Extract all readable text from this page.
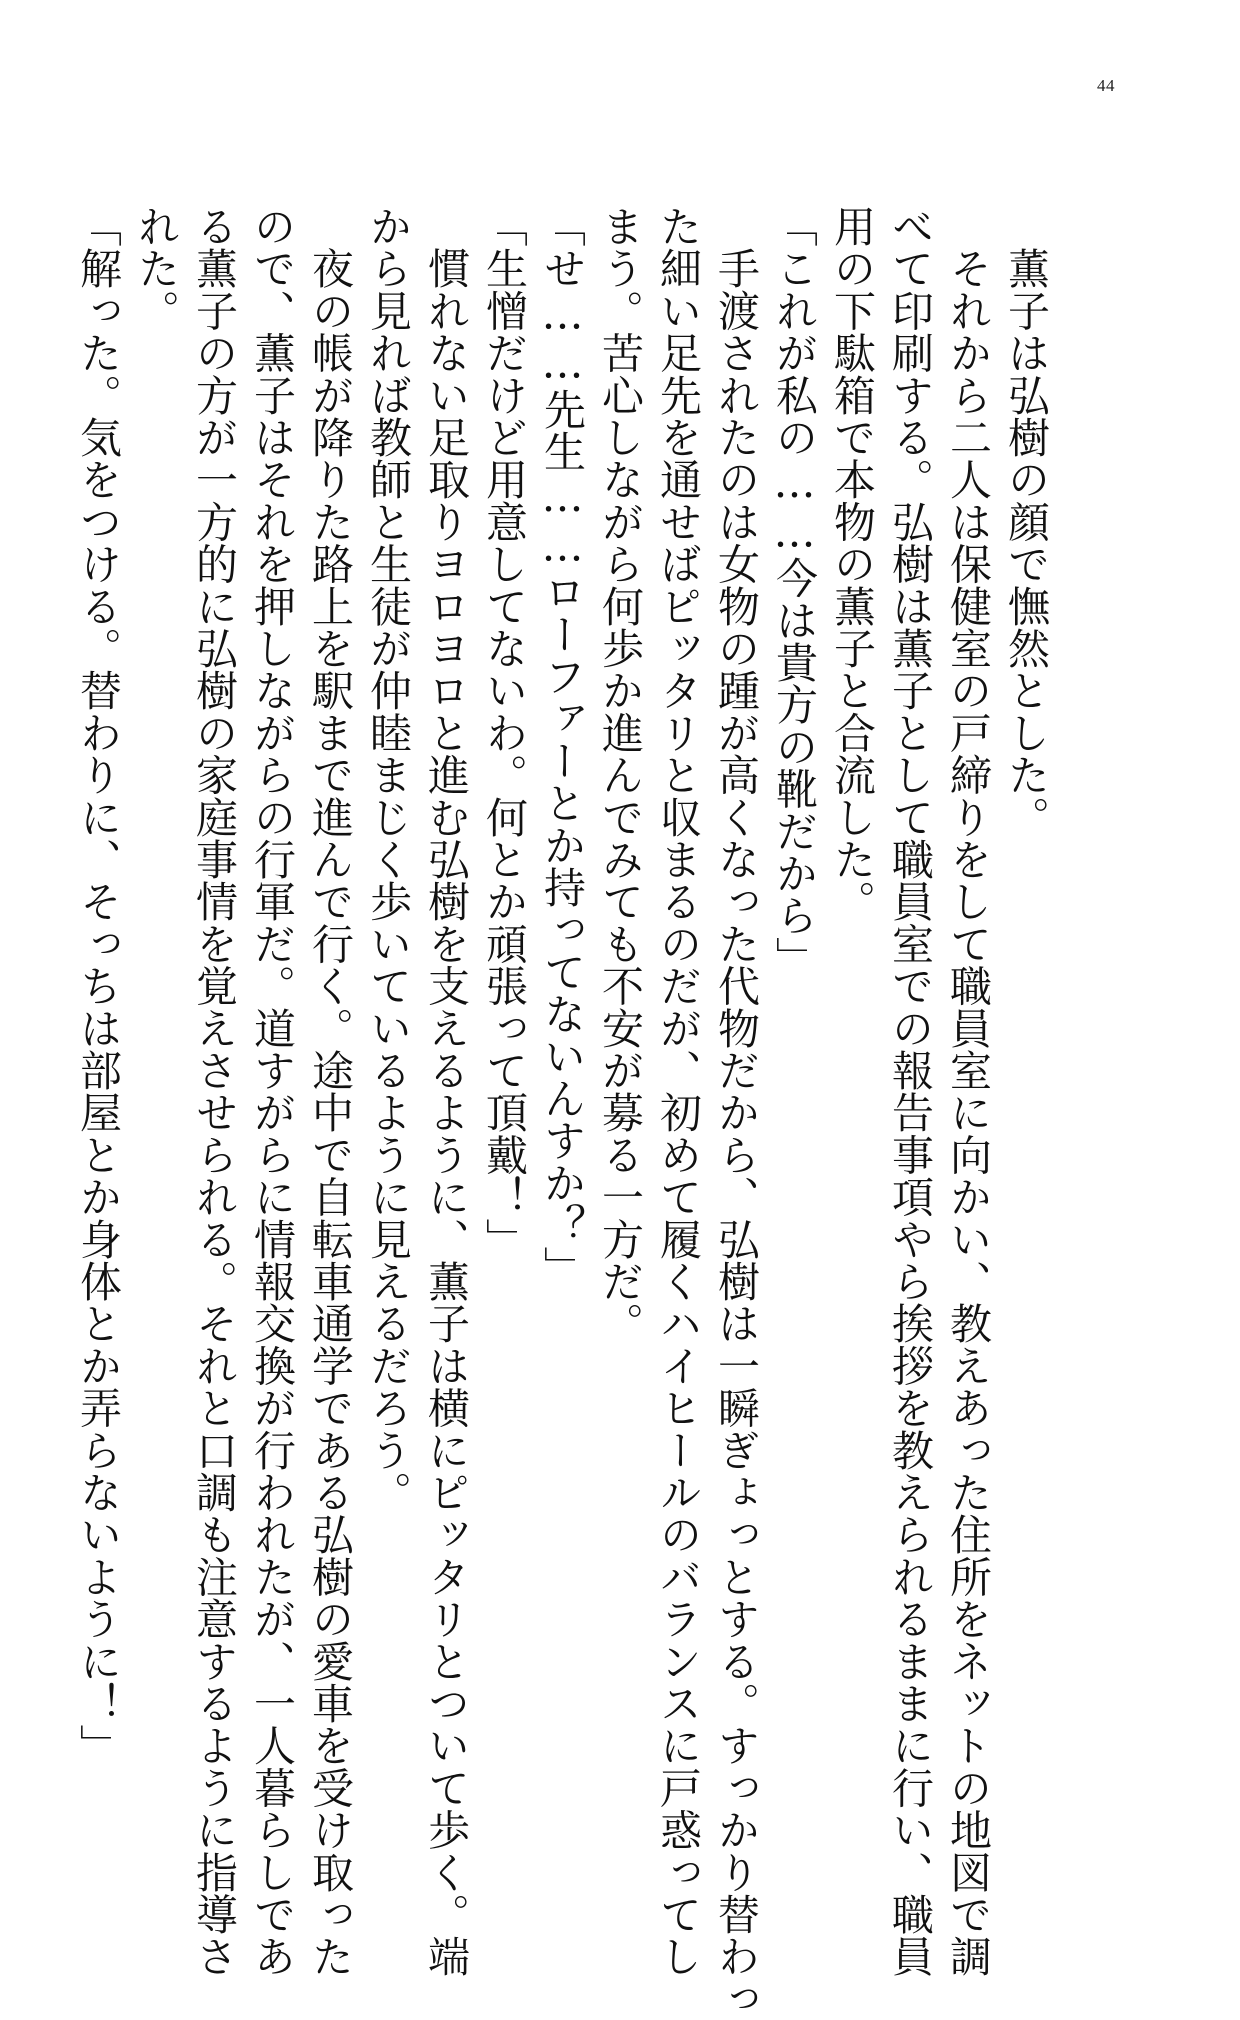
44
　薫子は弘樹の顔で憮然とした。
　それから二人は保健室の戸締りをして職員室に向かい、教えあった住所をネットの地図で調
べて印刷する。弘樹は薫子として職員室での報告事項やら挨拶を教えられるままに行い、職員
用の下駄箱で本物の薫子と合流した。
「これが私の……今は貴方の靴だから」
　手渡されたのは女物の踵が高くなった代物だから、弘樹は一瞬ぎょっとする。すっかり替わっ
た細い足先を通せばピッタリと収まるのだが、初めて履くハイヒールのバランスに戸惑ってし
まう。苦心しながら何歩か進んでみても不安が募る一方だ。
「せ……先生……ローファーとか持ってないんすか？」
「生憎だけど用意してないわ。何とか頑張って頂戴！」
　慣れない足取りヨロヨロと進む弘樹を支えるように、薫子は横にピッタリとついて歩く。端
から見れば教師と生徒が仲睦まじく歩いているように見えるだろう。
　夜の帳が降りた路上を駅まで進んで行く。途中で自転車通学である弘樹の愛車を受け取った
ので、薫子はそれを押しながらの行軍だ。道すがらに情報交換が行われたが、一人暮らしであ
る薫子の方が一方的に弘樹の家庭事情を覚えさせられる。それと口調も注意するように指導さ
れた。
「解った。気をつける。替わりに、そっちは部屋とか身体とか弄らないように！」
